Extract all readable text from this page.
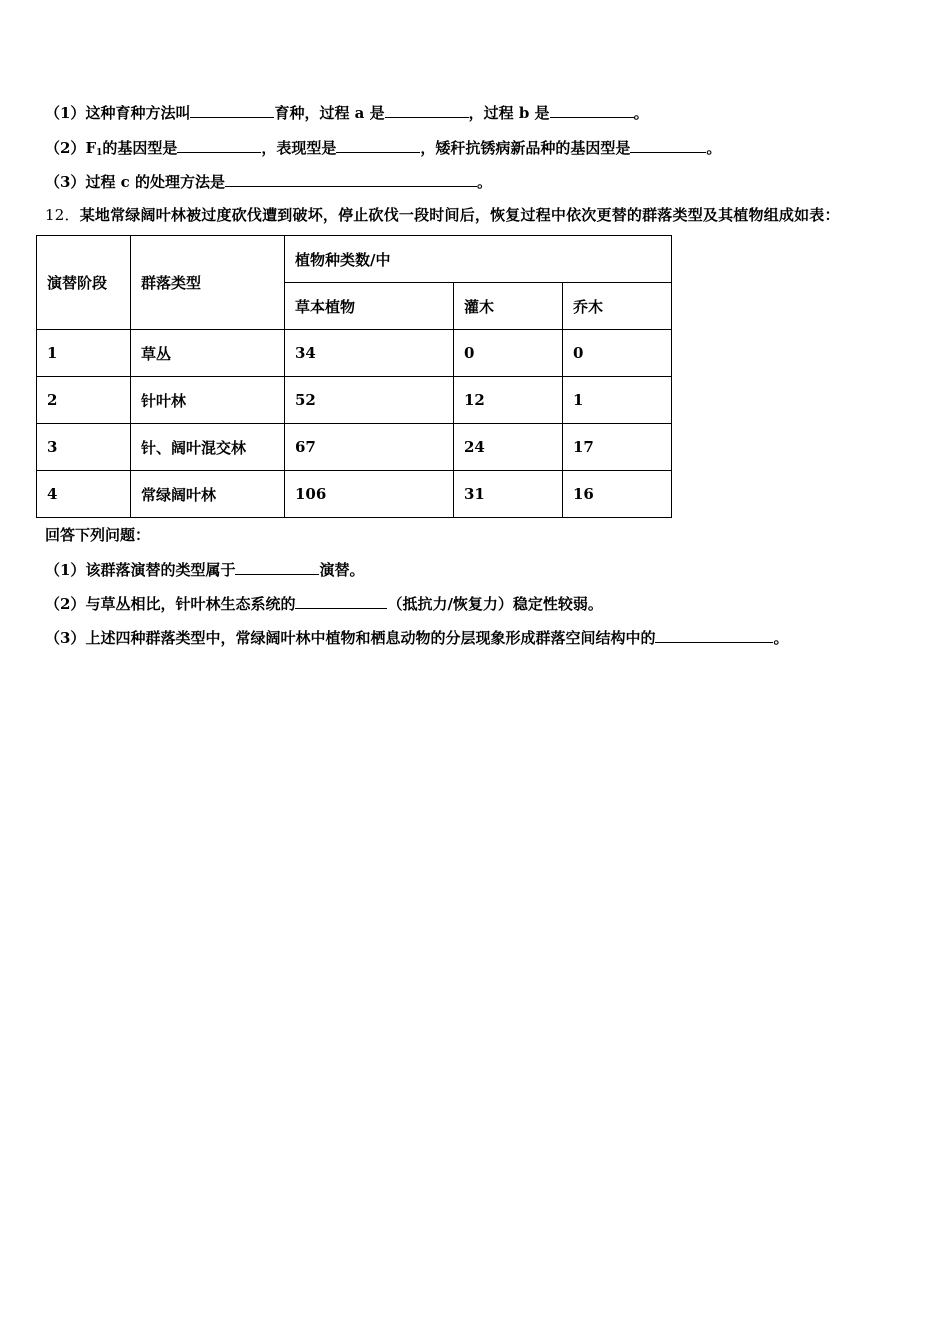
（1）这种育种方法叫	育种，过程 a 是	，过程 b 是	。
$(2)F_1$的基因型是	，表现型是	，矮秆抗锈病新品种的基因型是	。
（3）过程 c 的处理方法是	。
12．某地常绿阔叶林被过度砍伐遭到破坏，停止砍伐一段时间后，恢复过程中依次更替的群落类型及其植物组成如表：
演替阶段	群落类型	植物种类数/中		
		草本植物	灌木	乔木
1	草丛	34	0	0
2	针叶林	52	12	1
3	针、阔叶混交林	67	24	17
4	常绿阔叶林	106	31	16
回答下列问题：
（1）该群落演替的类型属于	演替。
（2）与草丛相比，针叶林生态系统的	（抵抗力/恢复力）稳定性较弱。
（3）上述四种群落类型中，常绿阔叶林中植物和栖息动物的分层现象形成群落空间结构中的	。
